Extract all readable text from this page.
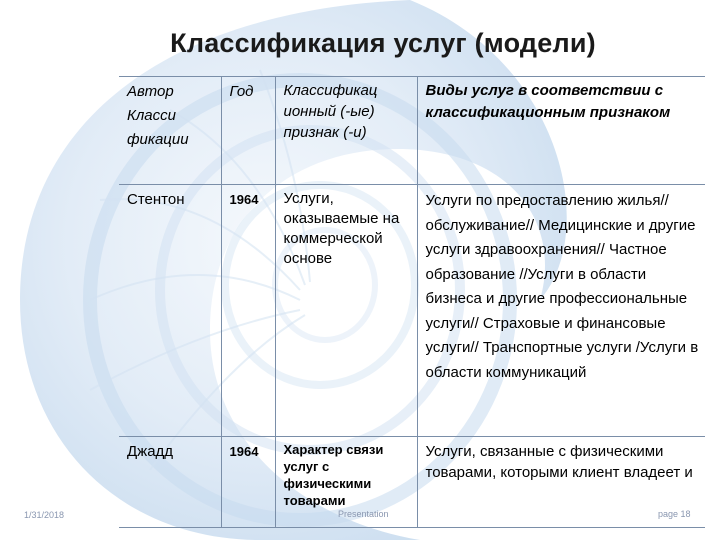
Классификация услуг (модели)
Автор Класси фикации	Год	Классификац ионный (-ые) признак (-и)	Виды услуг в соответствии с классификационным признаком
Стентон	1964	Услуги, оказываемые на коммерческой основе	Услуги по предоставлению жилья// обслуживание// Медицинские и другие услуги здравоохранения// Частное образование //Услуги в области бизнеса и другие профессиональные услуги// Страховые и финансовые услуги// Транспортные услуги /Услуги в области коммуникаций
Джадд	1964	Характер связи услуг с физическими товарами	Услуги, связанные с физическими товарами, которыми клиент владеет и
1/31/2018	Presentation	page 18
